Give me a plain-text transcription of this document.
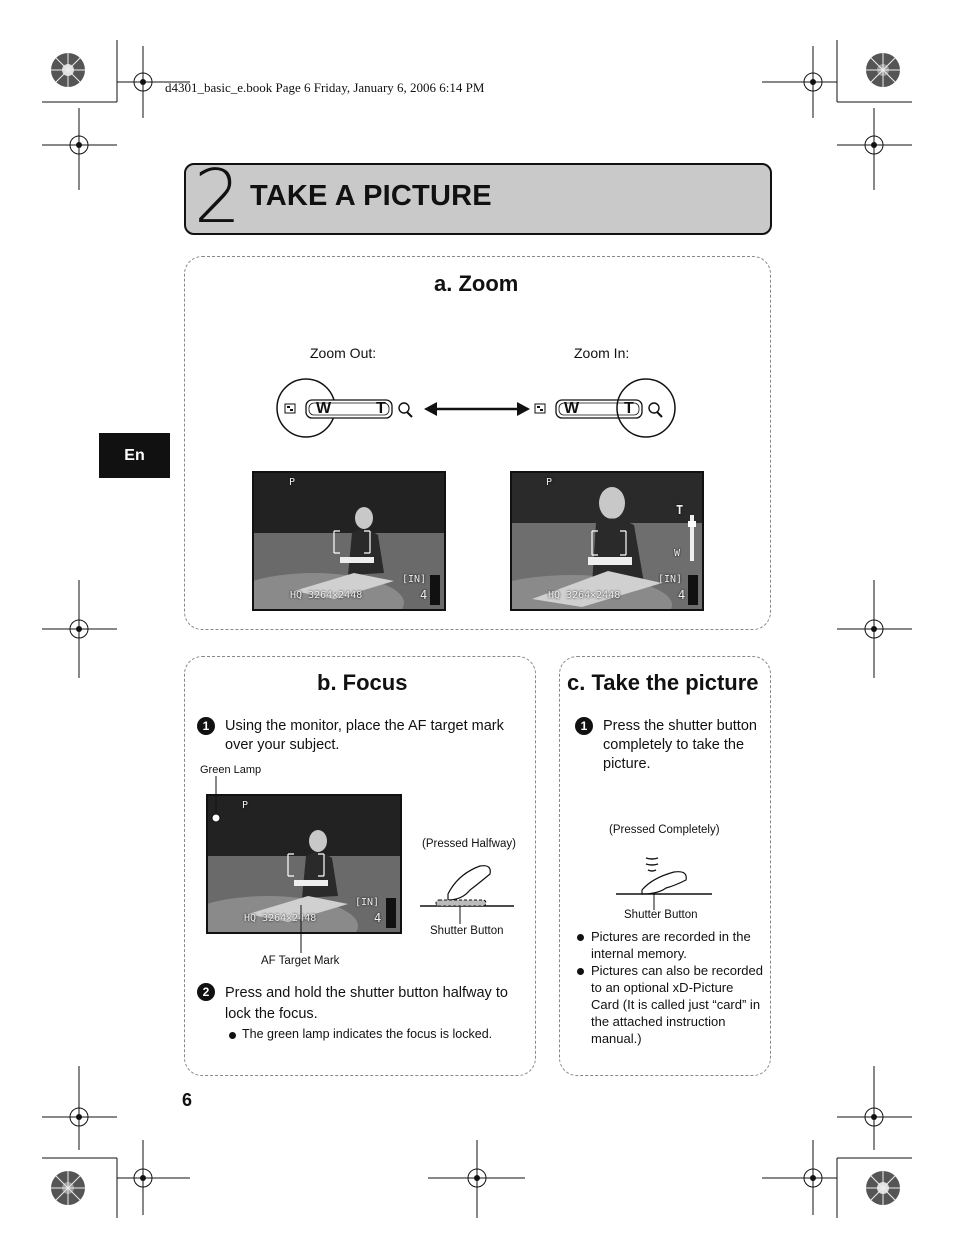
d4301_basic_e.book Page 6 Friday, January 6, 2006 6:14 PM
2 TAKE A PICTURE
En
a. Zoom
Zoom Out:	Zoom In:
W	T	W	T
P
[IN]
HQ 3264×2448	4
P
T
W
[IN]
HQ 3264×2448	4
b. Focus
1	Using the monitor, place the AF target mark over your subject.
Green Lamp
P
[IN]
HQ 3264×2448	4
AF Target Mark
(Pressed Halfway)
Shutter Button
2	Press and hold the shutter button halfway to lock the focus.
The green lamp indicates the focus is locked.
c. Take the picture
1	Press the shutter button completely to take the picture.
(Pressed Completely)
Shutter Button
Pictures are recorded in the internal memory.
Pictures can also be recorded to an optional xD-Picture Card (It is called just “card” in the attached instruction manual.)
6
